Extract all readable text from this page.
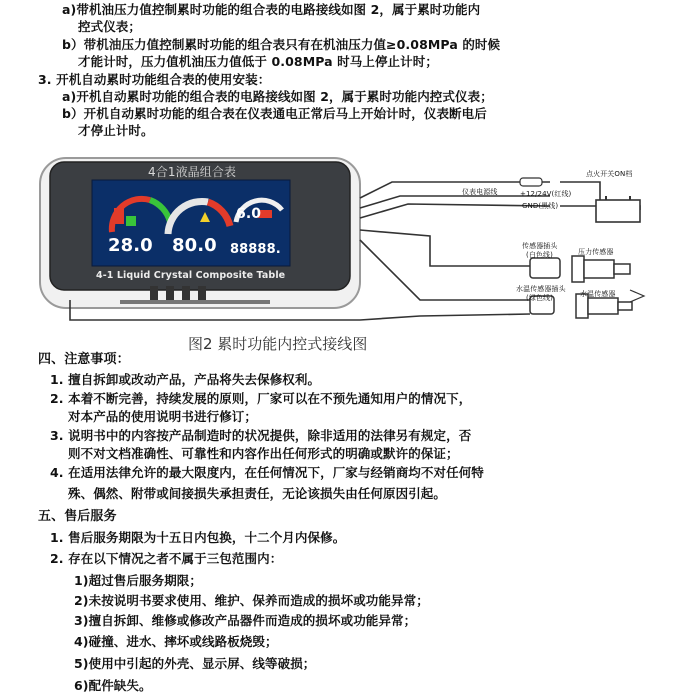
a)带机油压力值控制累时功能的组合表的电路接线如图 2，属于累时功能内
控式仪表；
b）带机油压力值控制累时功能的组合表只有在机油压力值≥0.08MPa 的时候
才能计时，压力值机油压力值低于 0.08MPa 时马上停止计时；
3. 开机自动累时功能组合表的使用安装：
a)开机自动累时功能的组合表的电路接线如图 2，属于累时功能内控式仪表；
b）开机自动累时功能的组合表在仪表通电正常后马上开始计时，仪表断电后
才停止计时。
4合1液晶组合表
28.0 80.0
6.0
88888.
4-1 Liquid Crystal Composite Table
点火开关ON档
仪表电源线	+12/24V(红线)
GND(黑线)
传感器插头
(白色线)	压力传感器
水温传感器插头
(绿色线)	水温传感器
图2 累时功能内控式接线图
四、注意事项：
1. 擅自拆卸或改动产品，产品将失去保修权利。
2. 本着不断完善，持续发展的原则，厂家可以在不预先通知用户的情况下，
对本产品的使用说明书进行修订；
3. 说明书中的内容按产品制造时的状况提供，除非适用的法律另有规定，否
则不对文档准确性、可靠性和内容作出任何形式的明确或默许的保证；
4. 在适用法律允许的最大限度内，在任何情况下，厂家与经销商均不对任何特
殊、偶然、附带或间接损失承担责任，无论该损失由任何原因引起。
五、售后服务
1. 售后服务期限为十五日内包换，十二个月内保修。
2. 存在以下情况之者不属于三包范围内：
1)超过售后服务期限；
2)未按说明书要求使用、维护、保养而造成的损坏或功能异常；
3)擅自拆卸、维修或修改产品器件而造成的损坏或功能异常；
4)碰撞、进水、摔坏或线路板烧毁；
5)使用中引起的外壳、显示屏、线等破损；
6)配件缺失。
